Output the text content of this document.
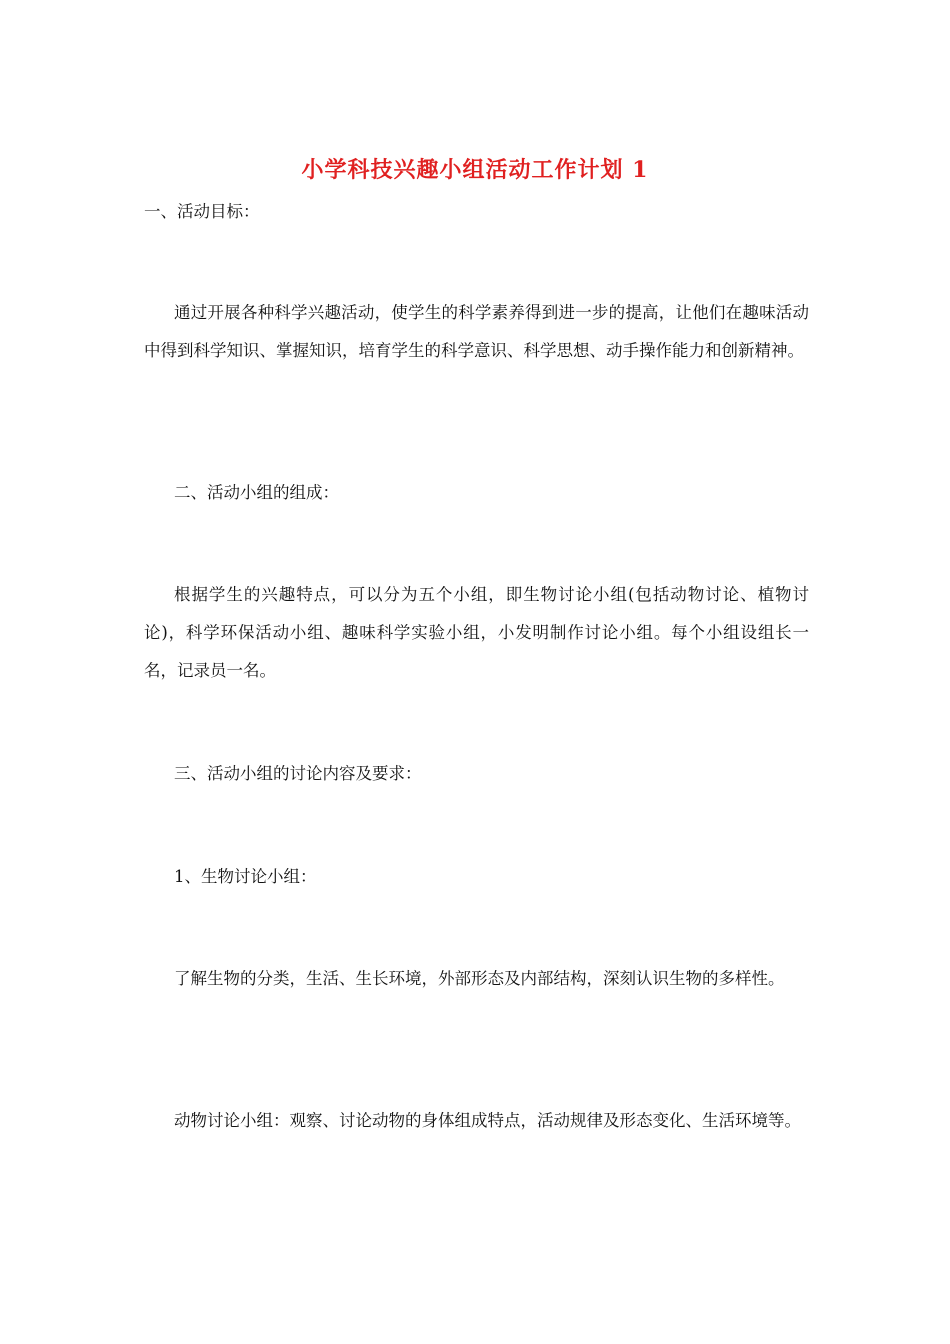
小学科技兴趣小组活动工作计划 1

一、活动目标：

通过开展各种科学兴趣活动，使学生的科学素养得到进一步的提高，让他们在趣味活动中得到科学知识、掌握知识，培育学生的科学意识、科学思想、动手操作能力和创新精神。

二、活动小组的组成：

根据学生的兴趣特点，可以分为五个小组，即生物讨论小组(包括动物讨论、植物讨论)，科学环保活动小组、趣味科学实验小组，小发明制作讨论小组。每个小组设组长一名，记录员一名。

三、活动小组的讨论内容及要求：

1、生物讨论小组：

了解生物的分类，生活、生长环境，外部形态及内部结构，深刻认识生物的多样性。

动物讨论小组：观察、讨论动物的身体组成特点，活动规律及形态变化、生活环境等。
